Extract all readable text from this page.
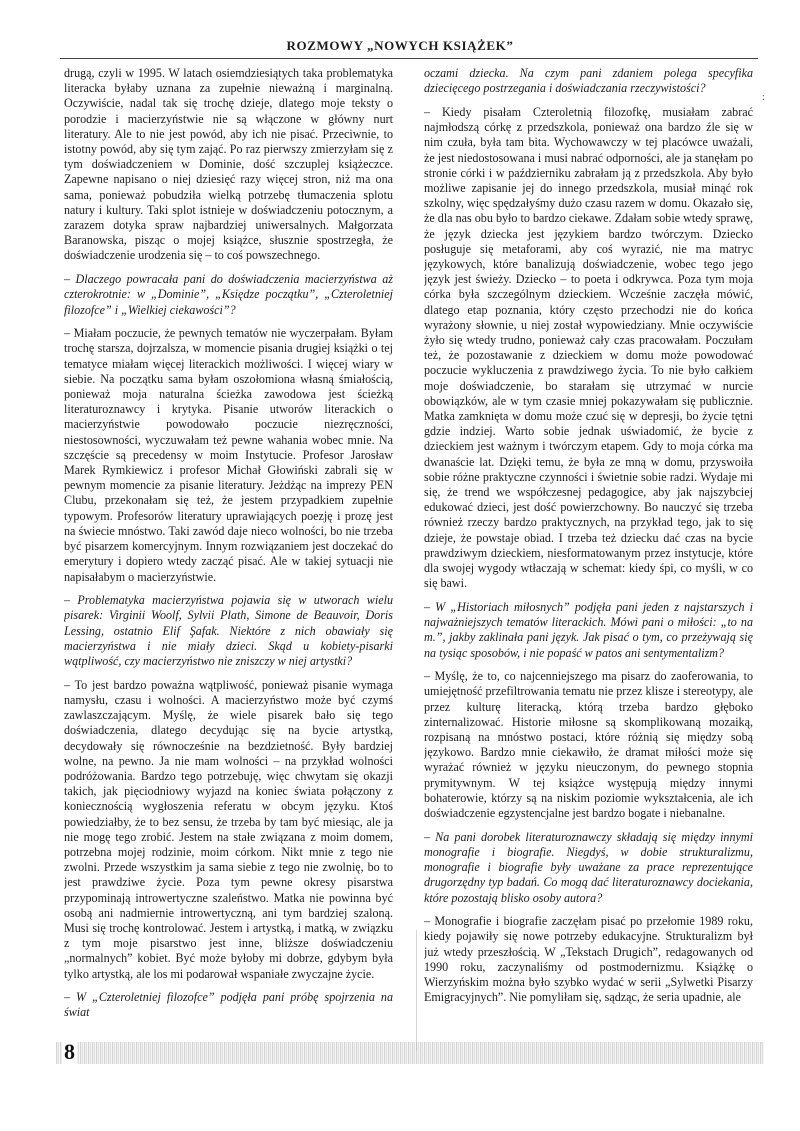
ROZMOWY „NOWYCH KSIĄŻEK”
:

drugą, czyli w 1995. W latach osiemdziesiątych taka problematyka literacka byłaby uznana za zupełnie nieważną i marginalną. Oczywiście, nadal tak się trochę dzieje, dlatego moje teksty o porodzie i macierzyństwie nie są włączone w główny nurt literatury. Ale to nie jest powód, aby ich nie pisać. Przeciwnie, to istotny powód, aby się tym zająć. Po raz pierwszy zmierzyłam się z tym doświadczeniem w Dominie, dość szczuplej książeczce. Zapewne napisano o niej dziesięć razy więcej stron, niż ma ona sama, ponieważ pobudziła wielką potrzebę tłumaczenia splotu natury i kultury. Taki splot istnieje w doświadczeniu potocznym, a zarazem dotyka spraw najbardziej uniwersalnych. Małgorzata Baranowska, pisząc o mojej książce, słusznie spostrzegła, że doświadczenie urodzenia się – to coś powszechnego.

– Dlaczego powracała pani do doświadczenia macierzyństwa aż czterokrotnie: w „Dominie”, „Księdze początku”, „Czteroletniej filozofce” i „Wielkiej ciekawości”?

– Miałam poczucie, że pewnych tematów nie wyczerpałam. Byłam trochę starsza, dojrzalsza, w momencie pisania drugiej książki o tej tematyce miałam więcej literackich możliwości. I więcej wiary w siebie. Na początku sama byłam oszołomiona własną śmiałością, ponieważ moja naturalna ścieżka zawodowa jest ścieżką literaturoznawcy i krytyka. Pisanie utworów literackich o macierzyństwie powodowało poczucie niezręczności, niestosowności, wyczuwałam też pewne wahania wobec mnie. Na szczęście są precedensy w moim Instytucie. Profesor Jarosław Marek Rymkiewicz i profesor Michał Głowiński zabrali się w pewnym momencie za pisanie literatury. Jeżdżąc na imprezy PEN Clubu, przekonałam się też, że jestem przypadkiem zupełnie typowym. Profesorów literatury uprawiających poezję i prozę jest na świecie mnóstwo. Taki zawód daje nieco wolności, bo nie trzeba być pisarzem komercyjnym. Innym rozwiązaniem jest doczekać do emerytury i dopiero wtedy zacząć pisać. Ale w takiej sytuacji nie napisałabym o macierzyństwie.

– Problematyka macierzyństwa pojawia się w utworach wielu pisarek: Virginii Woolf, Sylvii Plath, Simone de Beauvoir, Doris Lessing, ostatnio Elif Şafak. Niektóre z nich obawiały się macierzyństwa i nie miały dzieci. Skąd u kobiety-pisarki wątpliwość, czy macierzyństwo nie zniszczy w niej artystki?

– To jest bardzo poważna wątpliwość, ponieważ pisanie wymaga namysłu, czasu i wolności. A macierzyństwo może być czymś zawlaszczającym. Myślę, że wiele pisarek bało się tego doświadczenia, dlatego decydując się na bycie artystką, decydowały się równocześnie na bezdzietność. Były bardziej wolne, na pewno. Ja nie mam wolności – na przykład wolności podróżowania. Bardzo tego potrzebuję, więc chwytam się okazji takich, jak pięciodniowy wyjazd na koniec świata połączony z koniecznością wygłoszenia referatu w obcym języku. Ktoś powiedziałby, że to bez sensu, że trzeba by tam być miesiąc, ale ja nie mogę tego zrobić. Jestem na stałe związana z moim domem, potrzebna mojej rodzinie, moim córkom. Nikt mnie z tego nie zwolni. Przede wszystkim ja sama siebie z tego nie zwolnię, bo to jest prawdziwe życie. Poza tym pewne okresy pisarstwa przypominają introwertyczne szaleństwo. Matka nie powinna być osobą ani nadmiernie introwertyczną, ani tym bardziej szaloną. Musi się trochę kontrolować. Jestem i artystką, i matką, w związku z tym moje pisarstwo jest inne, bliższe doświadczeniu „normalnych” kobiet. Być może byłoby mi dobrze, gdybym była tylko artystką, ale los mi podarował wspaniałe zwyczajne życie.

– W „Czteroletniej filozofce” podjęła pani próbę spojrzenia na świat

oczami dziecka. Na czym pani zdaniem polega specyfika dziecięcego postrzegania i doświadczania rzeczywistości?

– Kiedy pisałam Czteroletnią filozofkę, musiałam zabrać najmłodszą córkę z przedszkola, ponieważ ona bardzo źle się w nim czuła, była tam bita. Wychowawczy w tej placówce uważali, że jest niedostosowana i musi nabrać odporności, ale ja stanęłam po stronie córki i w październiku zabrałam ją z przedszkola. Aby było możliwe zapisanie jej do innego przedszkola, musiał minąć rok szkolny, więc spędzałyśmy dużo czasu razem w domu. Okazało się, że dla nas obu było to bardzo ciekawe. Zdałam sobie wtedy sprawę, że język dziecka jest językiem bardzo twórczym. Dziecko posługuje się metaforami, aby coś wyrazić, nie ma matryc językowych, które banalizują doświadczenie, wobec tego jego język jest świeży. Dziecko – to poeta i odkrywca. Poza tym moja córka była szczególnym dzieckiem. Wcześnie zaczęła mówić, dlatego etap poznania, który często przechodzi nie do końca wyrażony słownie, u niej został wypowiedziany. Mnie oczywiście żyło się wtedy trudno, ponieważ cały czas pracowałam. Poczułam też, że pozostawanie z dzieckiem w domu może powodować poczucie wykluczenia z prawdziwego życia. To nie było całkiem moje doświadczenie, bo starałam się utrzymać w nurcie obowiązków, ale w tym czasie mniej pokazywałam się publicznie. Matka zamknięta w domu może czuć się w depresji, bo życie tętni gdzie indziej. Warto sobie jednak uświadomić, że bycie z dzieckiem jest ważnym i twórczym etapem. Gdy to moja córka ma dwanaście lat. Dzięki temu, że była ze mną w domu, przyswoiła sobie różne praktyczne czynności i świetnie sobie radzi. Wydaje mi się, że trend we współczesnej pedagogice, aby jak najszybciej edukować dzieci, jest dość powierzchowny. Bo nauczyć się trzeba również rzeczy bardzo praktycznych, na przykład tego, jak to się dzieje, że powstaje obiad. I trzeba też dziecku dać czas na bycie prawdziwym dzieckiem, niesformatowanym przez instytucje, które dla swojej wygody wtłaczają w schemat: kiedy śpi, co myśli, w co się bawi.

– W „Historiach miłosnych” podjęła pani jeden z najstarszych i najważniejszych tematów literackich. Mówi pani o miłości: „to na m.”, jakby zaklinała pani język. Jak pisać o tym, co przeżywają się na tysiąc sposobów, i nie popaść w patos ani sentymentalizm?

– Myślę, że to, co najcenniejszego ma pisarz do zaoferowania, to umiejętność przefiltrowania tematu nie przez klisze i stereotypy, ale przez kulturę literacką, którą trzeba bardzo głęboko zinternalizować. Historie miłosne są skomplikowaną mozaiką, rozpisaną na mnóstwo postaci, które różnią się między sobą językowo. Bardzo mnie ciekawiło, że dramat miłości może się wyrażać również w języku nieuczonym, do pewnego stopnia prymitywnym. W tej książce występują między innymi bohaterowie, którzy są na niskim poziomie wykształcenia, ale ich doświadczenie egzystencjalne jest bardzo bogate i niebanalne.

– Na pani dorobek literaturoznawczy składają się między innymi monografie i biografie. Niegdyś, w dobie strukturalizmu, monografie i biografie były uważane za prace reprezentujące drugorzędny typ badań. Co mogą dać literaturoznawcy dociekania, które pozostają blisko osoby autora?

– Monografie i biografie zaczęłam pisać po przełomie 1989 roku, kiedy pojawiły się nowe potrzeby edukacyjne. Strukturalizm był już wtedy przeszłością. W „Tekstach Drugich”, redagowanych od 1990 roku, zaczynaliśmy od postmodernizmu. Książkę o Wierzyńskim można było szybko wydać w serii „Sylwetki Pisarzy Emigracyjnych”. Nie pomyliłam się, sądząc, że seria upadnie, ale

8
